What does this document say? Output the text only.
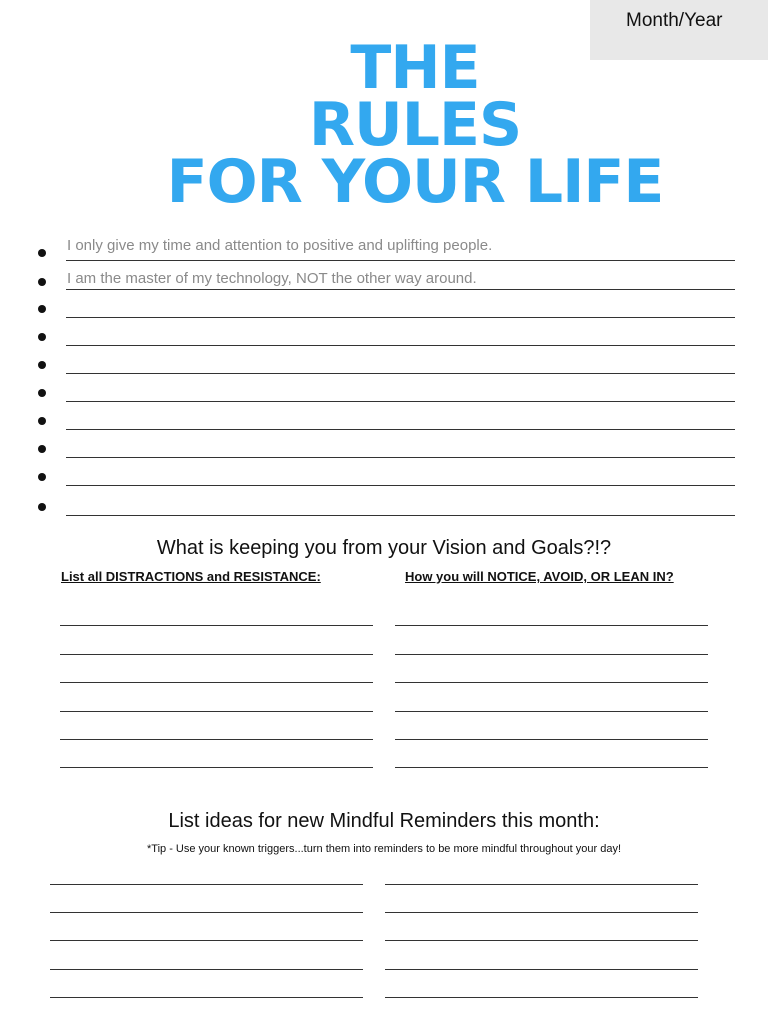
Month/Year
THE
RULES
FOR YOUR LIFE
I only give my time and attention to positive and uplifting people.
I am the master of my technology, NOT the other way around.
What is keeping you from your Vision and Goals?!?
List all DISTRACTIONS and RESISTANCE:	How you will NOTICE, AVOID, OR LEAN IN?
List ideas for new Mindful Reminders this month:
*Tip - Use your known triggers...turn them into reminders to be more mindful throughout your day!
